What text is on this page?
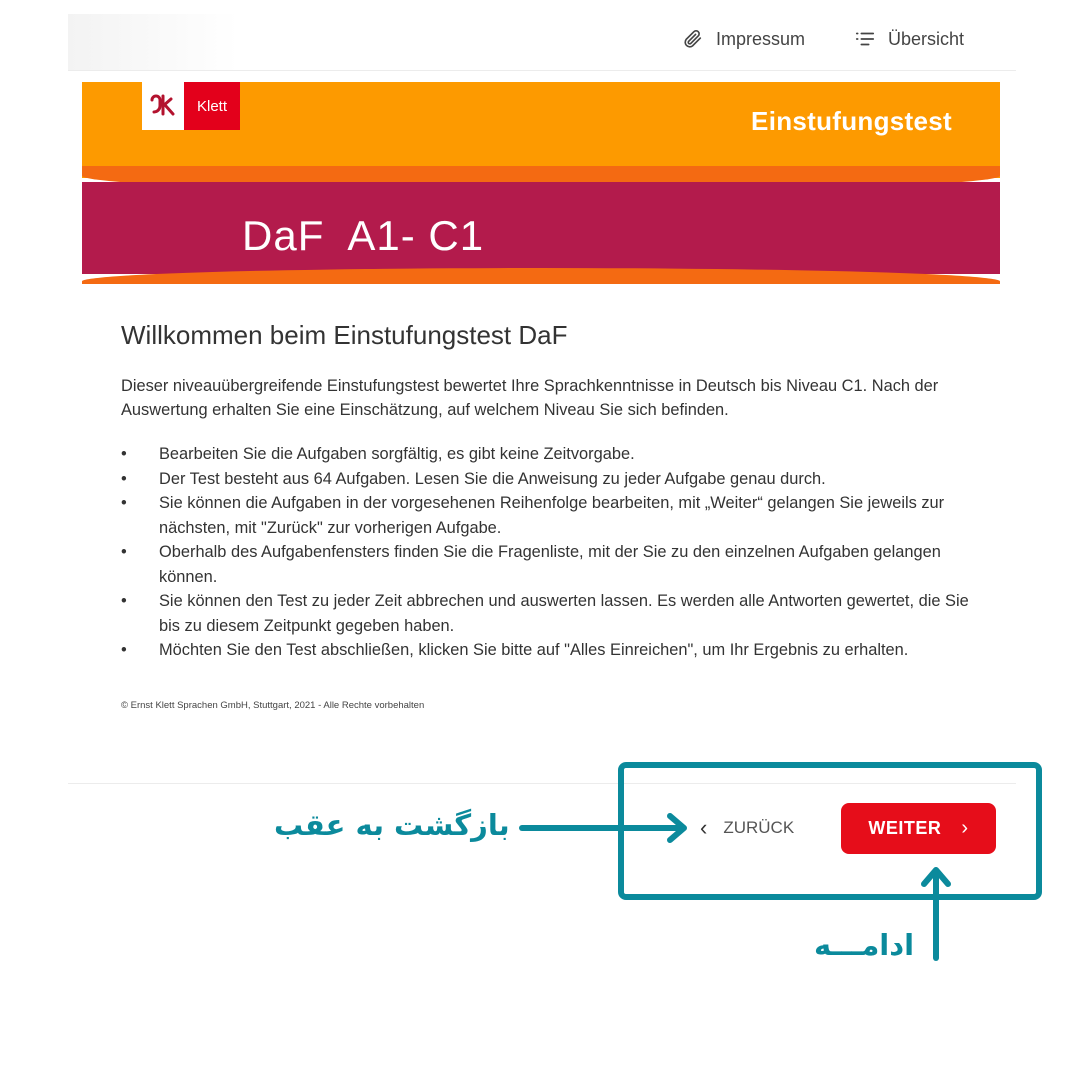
Impressum	Übersicht
Klett	Einstufungstest
DaF  A1- C1
Willkommen beim Einstufungstest DaF

Dieser niveauübergreifende Einstufungstest bewertet Ihre Sprachkenntnisse in Deutsch bis Niveau C1. Nach der Auswertung erhalten Sie eine Einschätzung, auf welchem Niveau Sie sich befinden.

• Bearbeiten Sie die Aufgaben sorgfältig, es gibt keine Zeitvorgabe.
• Der Test besteht aus 64 Aufgaben. Lesen Sie die Anweisung zu jeder Aufgabe genau durch.
• Sie können die Aufgaben in der vorgesehenen Reihenfolge bearbeiten, mit „Weiter“ gelangen Sie jeweils zur nächsten, mit "Zurück" zur vorherigen Aufgabe.
• Oberhalb des Aufgabenfensters finden Sie die Fragenliste, mit der Sie zu den einzelnen Aufgaben gelangen können.
• Sie können den Test zu jeder Zeit abbrechen und auswerten lassen. Es werden alle Antworten gewertet, die Sie bis zu diesem Zeitpunkt gegeben haben.
• Möchten Sie den Test abschließen, klicken Sie bitte auf "Alles Einreichen", um Ihr Ergebnis zu erhalten.

© Ernst Klett Sprachen GmbH, Stuttgart, 2021 - Alle Rechte vorbehalten

‹ ZURÜCK	WEITER ›
بازگشت به عقب
ادامـــه
